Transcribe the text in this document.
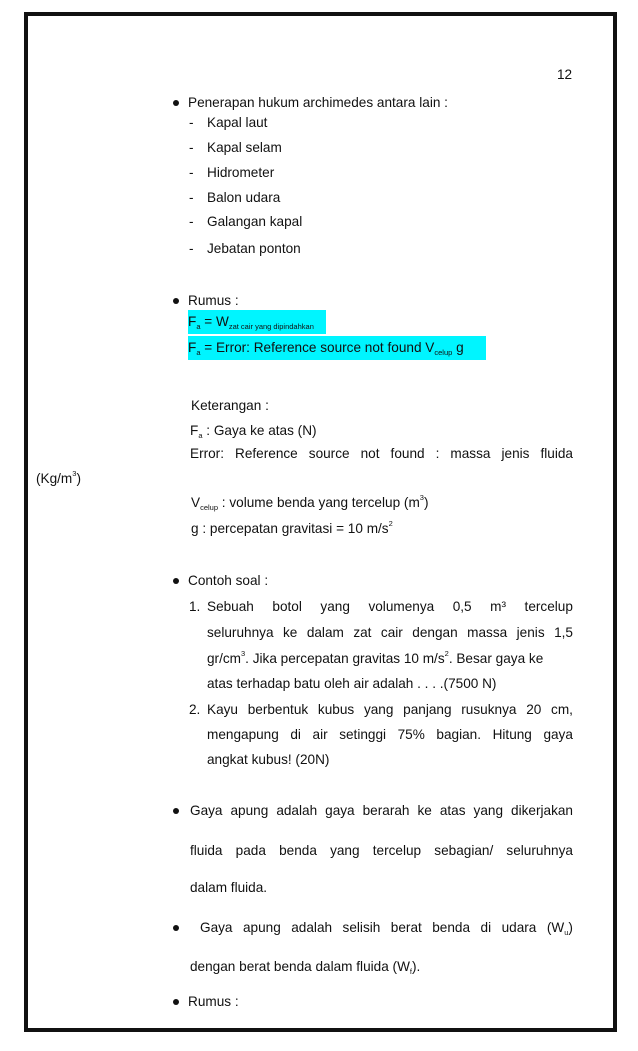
12
Penerapan hukum archimedes antara lain :
- Kapal laut
- Kapal selam
- Hidrometer
- Balon udara
- Galangan kapal
- Jebatan ponton
Rumus :
$F_a = W_{zat cair yang dipindahkan}$
$F_a$ = Error: Reference source not found $V_{celup}$ g
Keterangan :
$F_a$ : Gaya ke atas (N)
Error: Reference source not found : massa jenis fluida
$(Kg/m^3)$
$V_{celup}$ : volume benda yang tercelup $(m^3)$
g : percepatan gravitasi = 10 $m/s^2$
Contoh soal :
1. Sebuah botol yang volumenya 0,5 m³ tercelup
seluruhnya ke dalam zat cair dengan massa jenis 1,5
$gr/cm^3$. Jika percepatan gravitas 10 $m/s^2$. Besar gaya ke
atas terhadap batu oleh air adalah . . . .(7500 N)
2. Kayu berbentuk kubus yang panjang rusuknya 20 cm,
mengapung di air setinggi 75% bagian. Hitung gaya
angkat kubus! (20N)
Gaya apung adalah gaya berarah ke atas yang dikerjakan
fluida pada benda yang tercelup sebagian/ seluruhnya
dalam fluida.
Gaya apung adalah selisih berat benda di udara $(W_u)$
dengan berat benda dalam fluida $(W_f)$.
Rumus :
